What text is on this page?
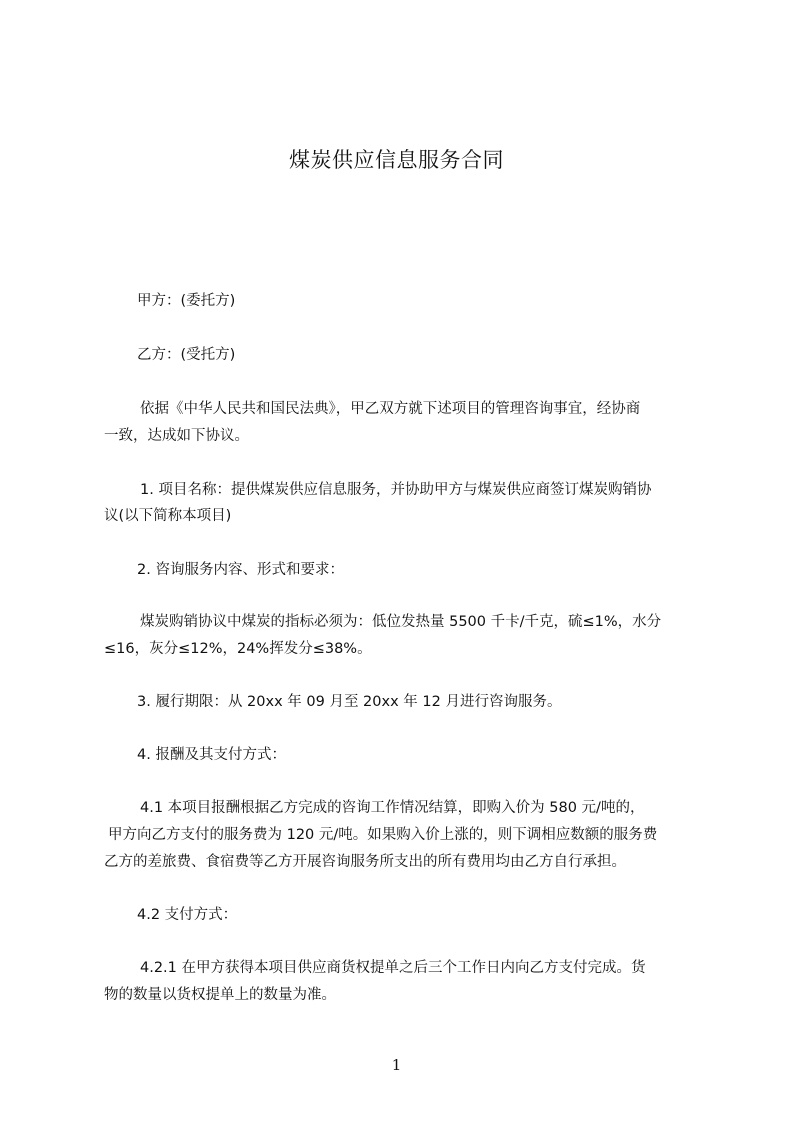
煤炭供应信息服务合同
甲方：(委托方)
乙方：(受托方)
依据《中华人民共和国民法典》，甲乙双方就下述项目的管理咨询事宜，经协商
一致，达成如下协议。
1. 项目名称：提供煤炭供应信息服务，并协助甲方与煤炭供应商签订煤炭购销协
议(以下简称本项目)
2. 咨询服务内容、形式和要求：
煤炭购销协议中煤炭的指标必须为：低位发热量 5500 千卡/千克，硫≤1%，水分
≤16，灰分≤12%，24%挥发分≤38%。
3. 履行期限：从 20xx 年 09 月至 20xx 年 12 月进行咨询服务。
4. 报酬及其支付方式：
4.1 本项目报酬根据乙方完成的咨询工作情况结算，即购入价为 580 元/吨的，
甲方向乙方支付的服务费为 120 元/吨。如果购入价上涨的，则下调相应数额的服务费
乙方的差旅费、食宿费等乙方开展咨询服务所支出的所有费用均由乙方自行承担。
4.2 支付方式：
4.2.1 在甲方获得本项目供应商货权提单之后三个工作日内向乙方支付完成。货
物的数量以货权提单上的数量为准。
1
